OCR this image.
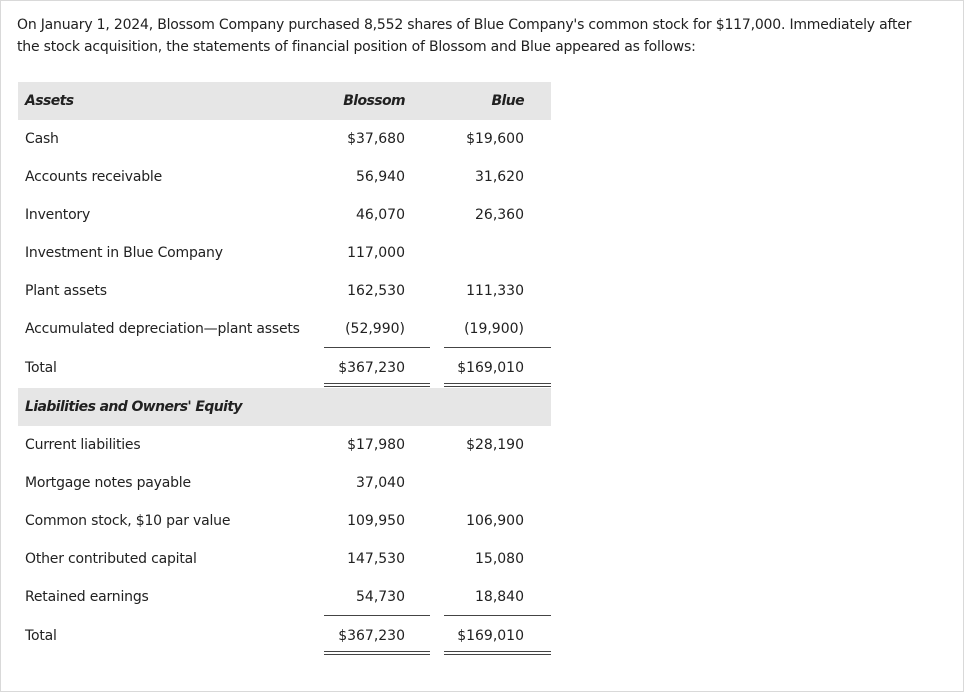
On January 1, 2024, Blossom Company purchased 8,552 shares of Blue Company's common stock for $117,000. Immediately after the stock acquisition, the statements of financial position of Blossom and Blue appeared as follows:

Assets	Blossom	Blue
Cash	$37,680	$19,600
Accounts receivable	56,940	31,620
Inventory	46,070	26,360
Investment in Blue Company	117,000
Plant assets	162,530	111,330
Accumulated depreciation—plant assets	(52,990)	(19,900)
Total	$367,230	$169,010
Liabilities and Owners' Equity
Current liabilities	$17,980	$28,190
Mortgage notes payable	37,040
Common stock, $10 par value	109,950	106,900
Other contributed capital	147,530	15,080
Retained earnings	54,730	18,840
Total	$367,230	$169,010
